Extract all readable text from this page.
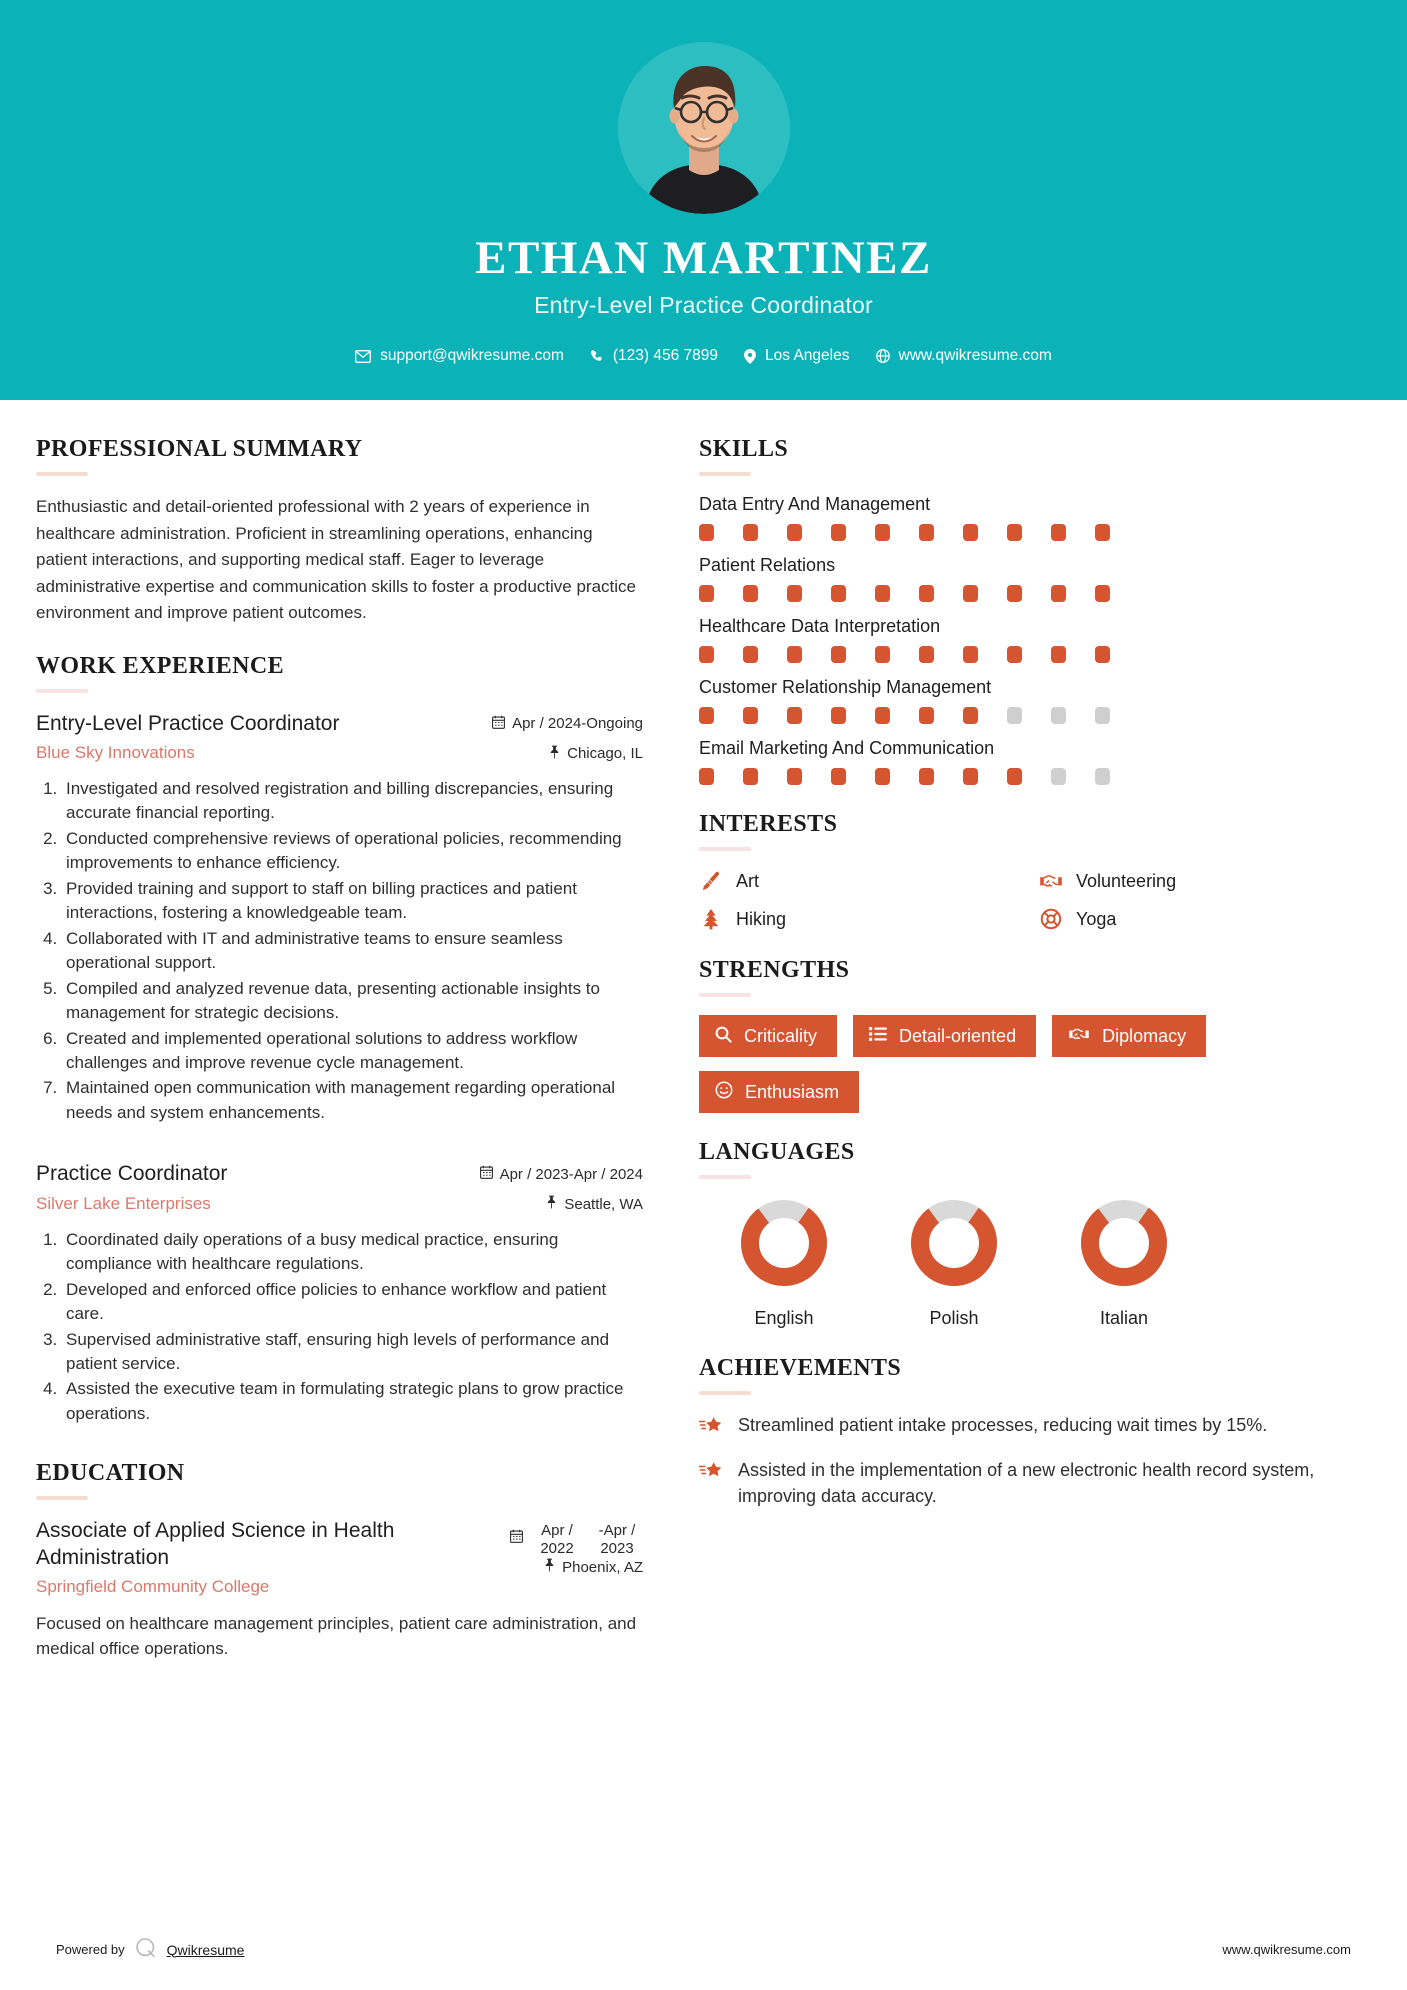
ETHAN MARTINEZ
Entry-Level Practice Coordinator
support@qwikresume.com	(123) 456 7899	Los Angeles	www.qwikresume.com
PROFESSIONAL SUMMARY
Enthusiastic and detail-oriented professional with 2 years of experience in healthcare administration. Proficient in streamlining operations, enhancing patient interactions, and supporting medical staff. Eager to leverage administrative expertise and communication skills to foster a productive practice environment and improve patient outcomes.
WORK EXPERIENCE
Entry-Level Practice Coordinator
Blue Sky Innovations
Apr / 2024-Ongoing
Chicago, IL
1. Investigated and resolved registration and billing discrepancies, ensuring accurate financial reporting.
2. Conducted comprehensive reviews of operational policies, recommending improvements to enhance efficiency.
3. Provided training and support to staff on billing practices and patient interactions, fostering a knowledgeable team.
4. Collaborated with IT and administrative teams to ensure seamless operational support.
5. Compiled and analyzed revenue data, presenting actionable insights to management for strategic decisions.
6. Created and implemented operational solutions to address workflow challenges and improve revenue cycle management.
7. Maintained open communication with management regarding operational needs and system enhancements.
Practice Coordinator
Silver Lake Enterprises
Apr / 2023-Apr / 2024
Seattle, WA
1. Coordinated daily operations of a busy medical practice, ensuring compliance with healthcare regulations.
2. Developed and enforced office policies to enhance workflow and patient care.
3. Supervised administrative staff, ensuring high levels of performance and patient service.
4. Assisted the executive team in formulating strategic plans to grow practice operations.
EDUCATION
Associate of Applied Science in Health Administration
Springfield Community College
Apr / 2022
-Apr / 2023
Phoenix, AZ
Focused on healthcare management principles, patient care administration, and medical office operations.
SKILLS
Data Entry And Management
Patient Relations
Healthcare Data Interpretation
Customer Relationship Management
Email Marketing And Communication
INTERESTS
Art	Volunteering
Hiking	Yoga
STRENGTHS
Criticality	Detail-oriented	Diplomacy
Enthusiasm
LANGUAGES
English	Polish	Italian
ACHIEVEMENTS
Streamlined patient intake processes, reducing wait times by 15%.
Assisted in the implementation of a new electronic health record system, improving data accuracy.
Powered by	Qwikresume	www.qwikresume.com
